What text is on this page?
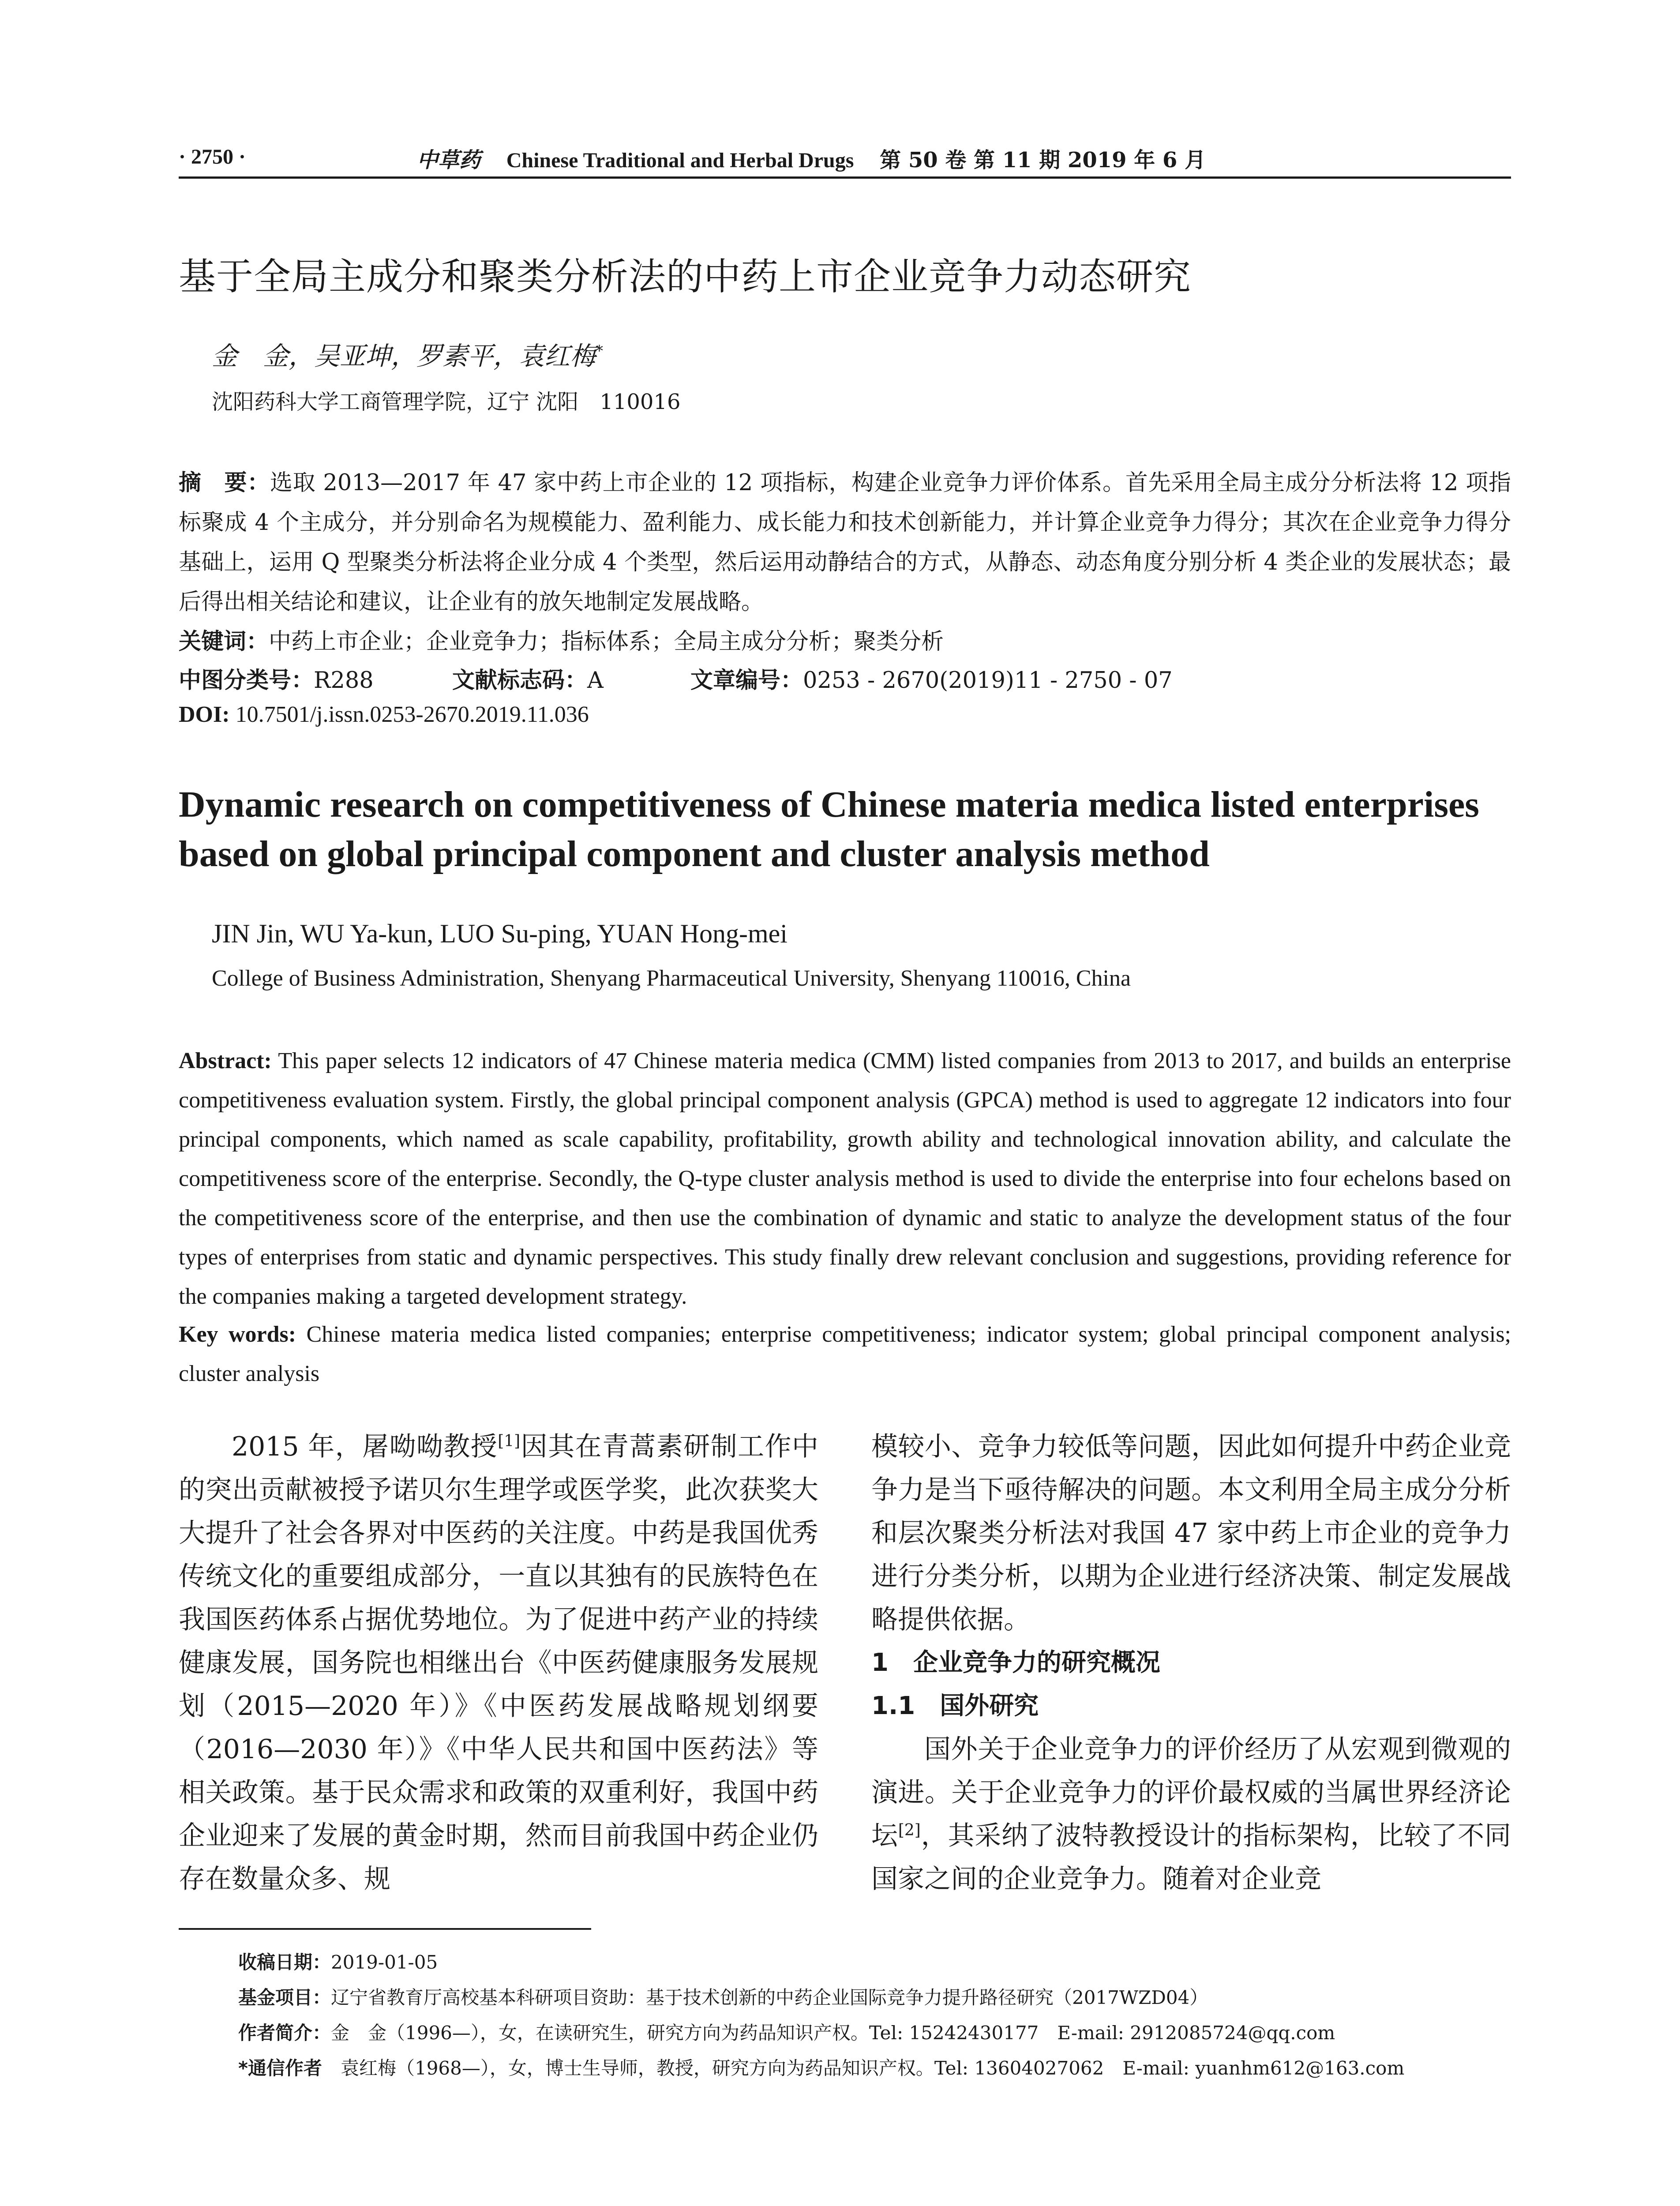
· 2750 ·	中草药 Chinese Traditional and Herbal Drugs 第 50 卷 第 11 期 2019 年 6 月
基于全局主成分和聚类分析法的中药上市企业竞争力动态研究
金　金，吴亚坤，罗素平，袁红梅*
沈阳药科大学工商管理学院，辽宁 沈阳　110016
摘　要：选取 2013—2017 年 47 家中药上市企业的 12 项指标，构建企业竞争力评价体系。首先采用全局主成分分析法将 12 项指标聚成 4 个主成分，并分别命名为规模能力、盈利能力、成长能力和技术创新能力，并计算企业竞争力得分；其次在企业竞争力得分基础上，运用 Q 型聚类分析法将企业分成 4 个类型，然后运用动静结合的方式，从静态、动态角度分别分析 4 类企业的发展状态；最后得出相关结论和建议，让企业有的放矢地制定发展战略。
关键词：中药上市企业；企业竞争力；指标体系；全局主成分分析；聚类分析
中图分类号：R288	文献标志码：A	文章编号：0253 - 2670(2019)11 - 2750 - 07
DOI: 10.7501/j.issn.0253-2670.2019.11.036
Dynamic research on competitiveness of Chinese materia medica listed enterprises based on global principal component and cluster analysis method
JIN Jin, WU Ya-kun, LUO Su-ping, YUAN Hong-mei
College of Business Administration, Shenyang Pharmaceutical University, Shenyang 110016, China
Abstract: This paper selects 12 indicators of 47 Chinese materia medica (CMM) listed companies from 2013 to 2017, and builds an enterprise competitiveness evaluation system. Firstly, the global principal component analysis (GPCA) method is used to aggregate 12 indicators into four principal components, which named as scale capability, profitability, growth ability and technological innovation ability, and calculate the competitiveness score of the enterprise. Secondly, the Q-type cluster analysis method is used to divide the enterprise into four echelons based on the competitiveness score of the enterprise, and then use the combination of dynamic and static to analyze the development status of the four types of enterprises from static and dynamic perspectives. This study finally drew relevant conclusion and suggestions, providing reference for the companies making a targeted development strategy.
Key words: Chinese materia medica listed companies; enterprise competitiveness; indicator system; global principal component analysis; cluster analysis

2015 年，屠呦呦教授[1]因其在青蒿素研制工作中的突出贡献被授予诺贝尔生理学或医学奖，此次获奖大大提升了社会各界对中医药的关注度。中药是我国优秀传统文化的重要组成部分，一直以其独有的民族特色在我国医药体系占据优势地位。为了促进中药产业的持续健康发展，国务院也相继出台《中医药健康服务发展规划（2015—2020 年）》《中医药发展战略规划纲要（2016—2030 年）》《中华人民共和国中医药法》等相关政策。基于民众需求和政策的双重利好，我国中药企业迎来了发展的黄金时期，然而目前我国中药企业仍存在数量众多、规

模较小、竞争力较低等问题，因此如何提升中药企业竞争力是当下亟待解决的问题。本文利用全局主成分分析和层次聚类分析法对我国 47 家中药上市企业的竞争力进行分类分析，以期为企业进行经济决策、制定发展战略提供依据。

1　企业竞争力的研究概况

1.1　国外研究

国外关于企业竞争力的评价经历了从宏观到微观的演进。关于企业竞争力的评价最权威的当属世界经济论坛[2]，其采纳了波特教授设计的指标架构，比较了不同国家之间的企业竞争力。随着对企业竞

收稿日期：2019-01-05
基金项目：辽宁省教育厅高校基本科研项目资助：基于技术创新的中药企业国际竞争力提升路径研究（2017WZD04）
作者简介：金　金（1996—），女，在读研究生，研究方向为药品知识产权。Tel: 15242430177　E-mail: 2912085724@qq.com
*通信作者　 袁红梅（1968—），女，博士生导师，教授，研究方向为药品知识产权。Tel: 13604027062　E-mail: yuanhm612@163.com
